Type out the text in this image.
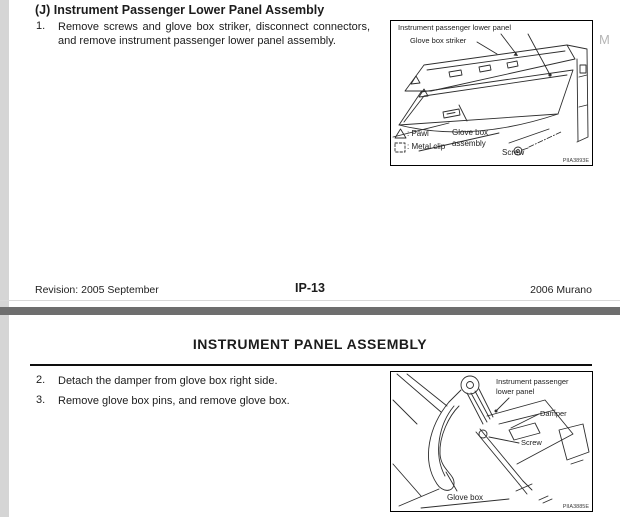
(J) Instrument Passenger Lower Panel Assembly
1.	Remove screws and glove box striker, disconnect connectors, and remove instrument passenger lower panel assembly.
Instrument passenger lower panel
Glove box striker
: Pawl
: Metal clip
Glove box
assembly
Screw
PIIA3893E
M
Revision: 2005 September	IP-13	2006 Murano
INSTRUMENT PANEL ASSEMBLY
2.	Detach the damper from glove box right side.
3.	Remove glove box pins, and remove glove box.
Instrument passenger
lower panel
Damper
Screw
Glove box
PIIA3885E
